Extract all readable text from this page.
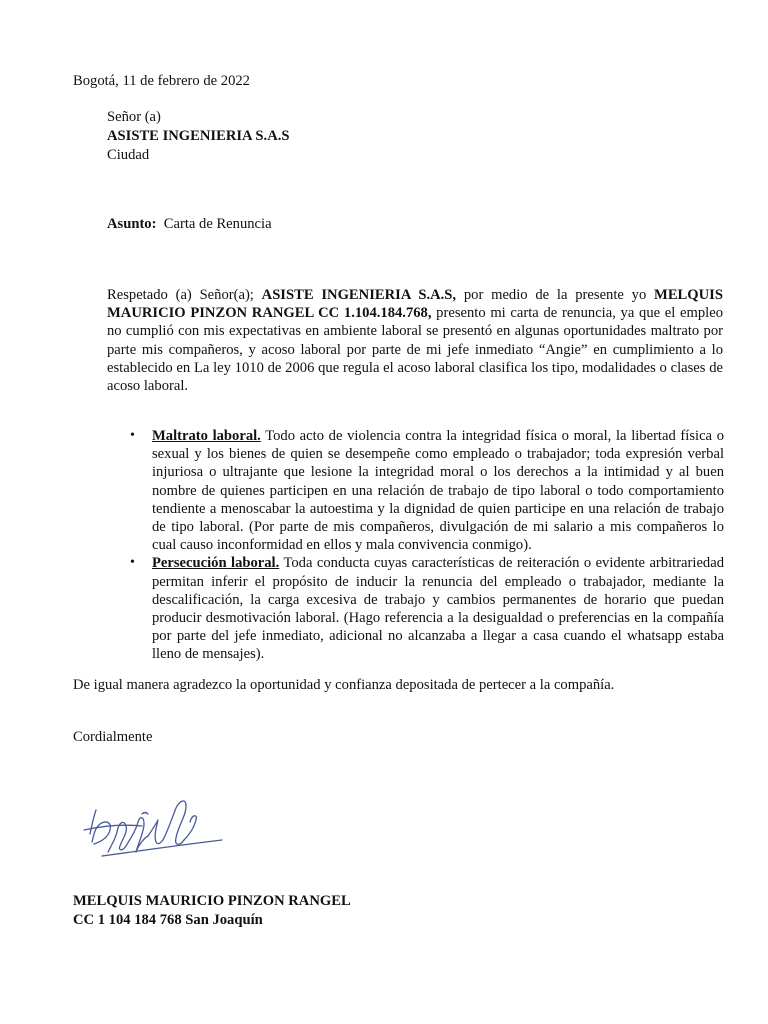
Bogotá, 11 de febrero de 2022
Señor (a)
ASISTE INGENIERIA S.A.S
Ciudad
Asunto: Carta de Renuncia
Respetado (a) Señor(a); ASISTE INGENIERIA S.A.S, por medio de la presente yo MELQUIS MAURICIO PINZON RANGEL CC 1.104.184.768, presento mi carta de renuncia, ya que el empleo no cumplió con mis expectativas en ambiente laboral se presentó en algunas oportunidades maltrato por parte mis compañeros, y acoso laboral por parte de mi jefe inmediato “Angie” en cumplimiento a lo establecido en La ley 1010 de 2006 que regula el acoso laboral clasifica los tipo, modalidades o clases de acoso laboral.
• Maltrato laboral. Todo acto de violencia contra la integridad física o moral, la libertad física o sexual y los bienes de quien se desempeñe como empleado o trabajador; toda expresión verbal injuriosa o ultrajante que lesione la integridad moral o los derechos a la intimidad y al buen nombre de quienes participen en una relación de trabajo de tipo laboral o todo comportamiento tendiente a menoscabar la autoestima y la dignidad de quien participe en una relación de trabajo de tipo laboral. (Por parte de mis compañeros, divulgación de mi salario a mis compañeros lo cual causo inconformidad en ellos y mala convivencia conmigo).
• Persecución laboral. Toda conducta cuyas características de reiteración o evidente arbitrariedad permitan inferir el propósito de inducir la renuncia del empleado o trabajador, mediante la descalificación, la carga excesiva de trabajo y cambios permanentes de horario que puedan producir desmotivación laboral. (Hago referencia a la desigualdad o preferencias en la compañía por parte del jefe inmediato, adicional no alcanzaba a llegar a casa cuando el whatsapp estaba lleno de mensajes).
De igual manera agradezco la oportunidad y confianza depositada de pertecer a la compañía.
Cordialmente
MELQUIS MAURICIO PINZON RANGEL
CC 1 104 184 768 San Joaquín
